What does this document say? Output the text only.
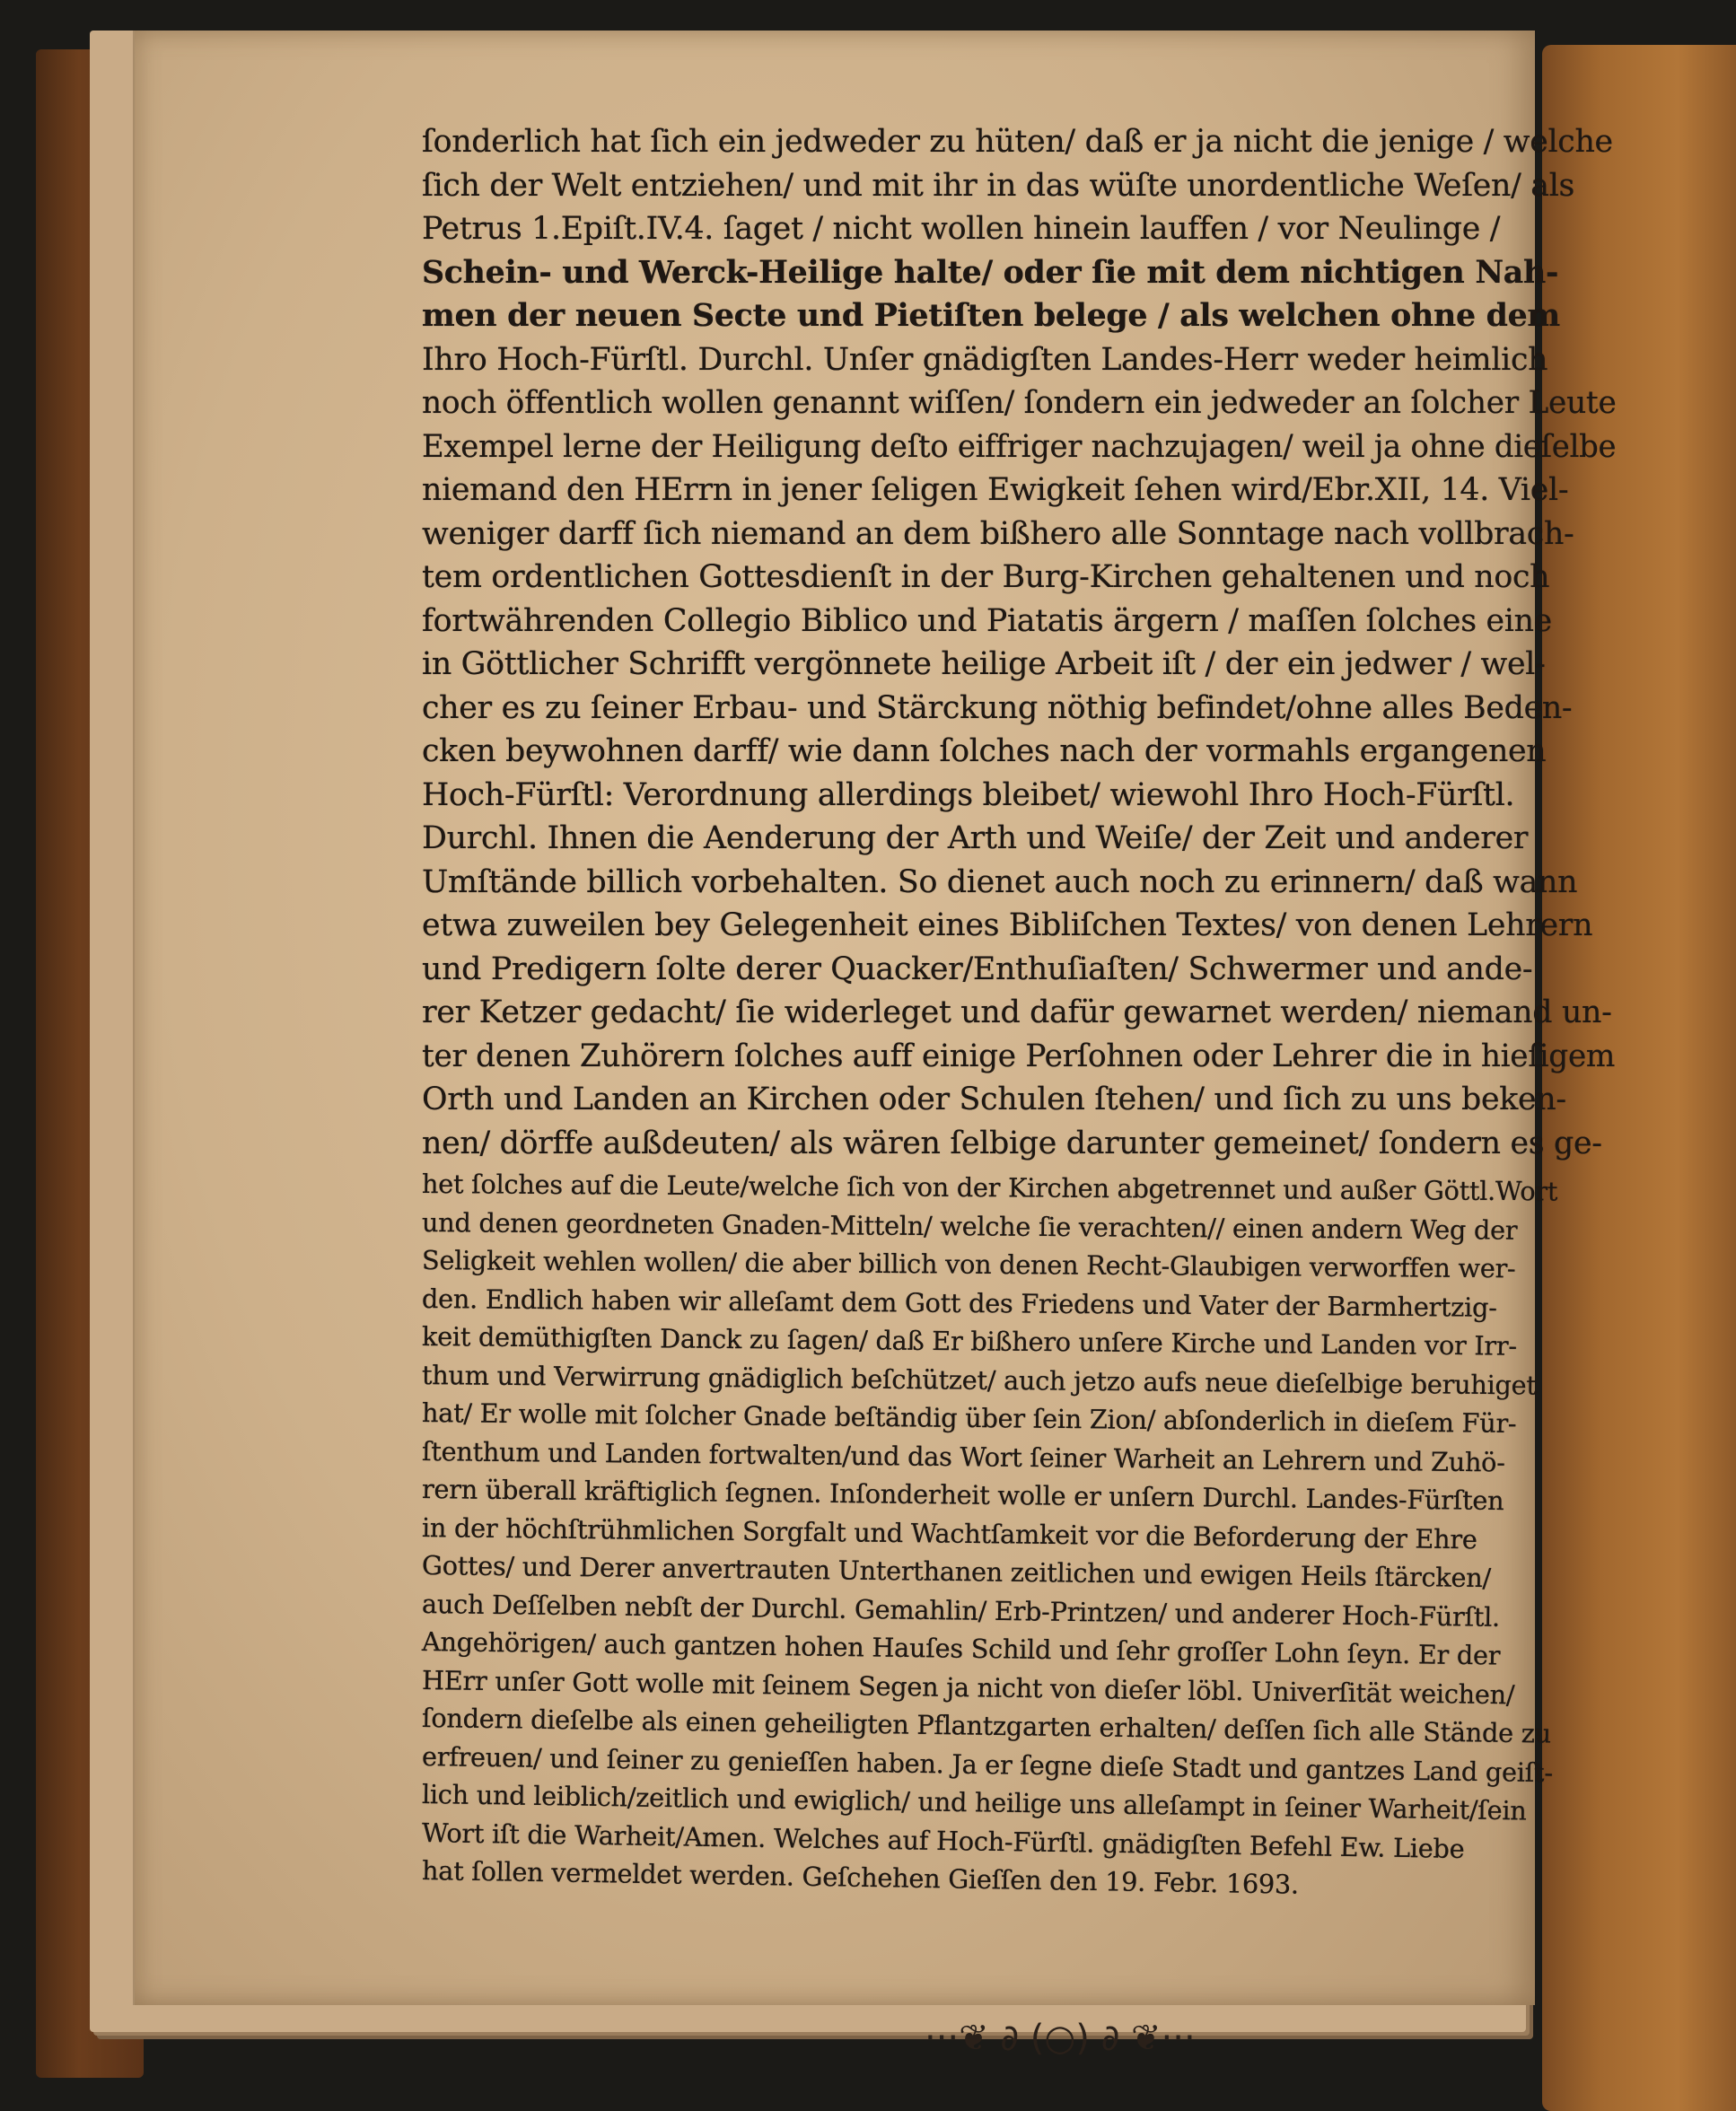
ſonderlich hat ſich ein jedweder zu hüten/ daß er ja nicht die jenige / welche
ſich der Welt entziehen/ und mit ihr in das wüſte unordentliche Weſen/ als
Petrus 1.Epiſt.IV.4. ſaget / nicht wollen hinein lauffen / vor Neulinge /
Schein- und Werck-Heilige halte/ oder ſie mit dem nichtigen Nah-
men der neuen Secte und Pietiſten belege / als welchen ohne dem
Ihro Hoch-Fürſtl. Durchl. Unſer gnädigſten Landes-Herr weder heimlich
noch öffentlich wollen genannt wiſſen/ ſondern ein jedweder an ſolcher Leute
Exempel lerne der Heiligung deſto eiffriger nachzujagen/ weil ja ohne dieſelbe
niemand den HErrn in jener ſeligen Ewigkeit ſehen wird/Ebr.XII, 14. Viel-
weniger darff ſich niemand an dem bißhero alle Sonntage nach vollbrach-
tem ordentlichen Gottesdienſt in der Burg-Kirchen gehaltenen und noch
fortwährenden Collegio Biblico und Piatatis ärgern / maſſen ſolches eine
in Göttlicher Schrifft vergönnete heilige Arbeit iſt / der ein jedwer / wel-
cher es zu ſeiner Erbau- und Stärckung nöthig befindet/ohne alles Beden-
cken beywohnen darff/ wie dann ſolches nach der vormahls ergangenen
Hoch-Fürſtl: Verordnung allerdings bleibet/ wiewohl Ihro Hoch-Fürſtl.
Durchl. Ihnen die Aenderung der Arth und Weiſe/ der Zeit und anderer
Umſtände billich vorbehalten. So dienet auch noch zu erinnern/ daß wann
etwa zuweilen bey Gelegenheit eines Bibliſchen Textes/ von denen Lehrern
und Predigern ſolte derer Quacker/Enthuſiaſten/ Schwermer und ande-
rer Ketzer gedacht/ ſie widerleget und dafür gewarnet werden/ niemand un-
ter denen Zuhörern ſolches auff einige Perſohnen oder Lehrer die in hieſigem
Orth und Landen an Kirchen oder Schulen ſtehen/ und ſich zu uns beken-
nen/ dörffe außdeuten/ als wären ſelbige darunter gemeinet/ ſondern es ge-
het ſolches auf die Leute/welche ſich von der Kirchen abgetrennet und außer Göttl.Wort
und denen geordneten Gnaden-Mitteln/ welche ſie verachten// einen andern Weg der
Seligkeit wehlen wollen/ die aber billich von denen Recht-Glaubigen verworffen wer-
den. Endlich haben wir alleſamt dem Gott des Friedens und Vater der Barmhertzig-
keit demüthigſten Danck zu ſagen/ daß Er bißhero unſere Kirche und Landen vor Irr-
thum und Verwirrung gnädiglich beſchützet/ auch jetzo aufs neue dieſelbige beruhiget
hat/ Er wolle mit ſolcher Gnade beſtändig über ſein Zion/ abſonderlich in dieſem Für-
ſtenthum und Landen fortwalten/und das Wort ſeiner Warheit an Lehrern und Zuhö-
rern überall kräftiglich ſegnen. Inſonderheit wolle er unſern Durchl. Landes-Fürſten
in der höchſtrühmlichen Sorgfalt und Wachtſamkeit vor die Beforderung der Ehre
Gottes/ und Derer anvertrauten Unterthanen zeitlichen und ewigen Heils ſtärcken/
auch Deſſelben nebſt der Durchl. Gemahlin/ Erb-Printzen/ und anderer Hoch-Fürſtl.
Angehörigen/ auch gantzen hohen Hauſes Schild und ſehr groſſer Lohn ſeyn. Er der
HErr unſer Gott wolle mit ſeinem Segen ja nicht von dieſer löbl. Univerſität weichen/
ſondern dieſelbe als einen geheiligten Pflantzgarten erhalten/ deſſen ſich alle Stände zu
erfreuen/ und ſeiner zu genieſſen haben. Ja er ſegne dieſe Stadt und gantzes Land geiſt-
lich und leiblich/zeitlich und ewiglich/ und heilige uns alleſampt in ſeiner Warheit/ſein
Wort iſt die Warheit/Amen. Welches auf Hoch-Fürſtl. gnädigſten Befehl Ew. Liebe
hat ſollen vermeldet werden. Geſchehen Gieſſen den 19. Febr. 1693.
···❦ ∂ (○) ∂ ❦···
